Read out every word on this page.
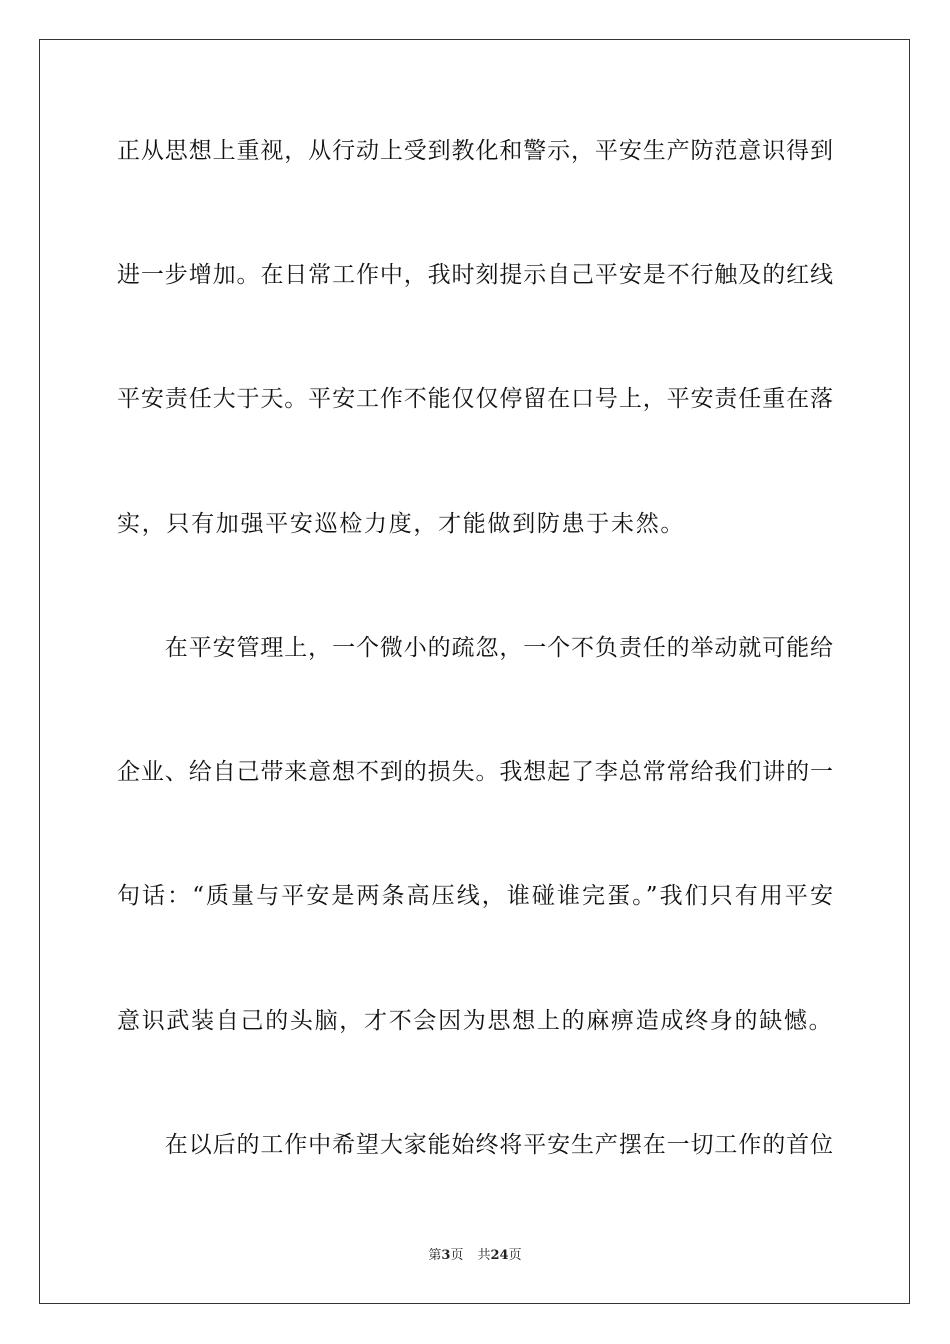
正从思想上重视，从行动上受到教化和警示，平安生产防范意识得到
进一步增加。在日常工作中，我时刻提示自己平安是不行触及的红线
平安责任大于天。平安工作不能仅仅停留在口号上，平安责任重在落
实，只有加强平安巡检力度，才能做到防患于未然。
　　在平安管理上，一个微小的疏忽，一个不负责任的举动就可能给
企业、给自己带来意想不到的损失。我想起了李总常常给我们讲的一
句话：“质量与平安是两条高压线，谁碰谁完蛋。”我们只有用平安
意识武装自己的头脑，才不会因为思想上的麻痹造成终身的缺憾。
　　在以后的工作中希望大家能始终将平安生产摆在一切工作的首位
第3页 共24页
